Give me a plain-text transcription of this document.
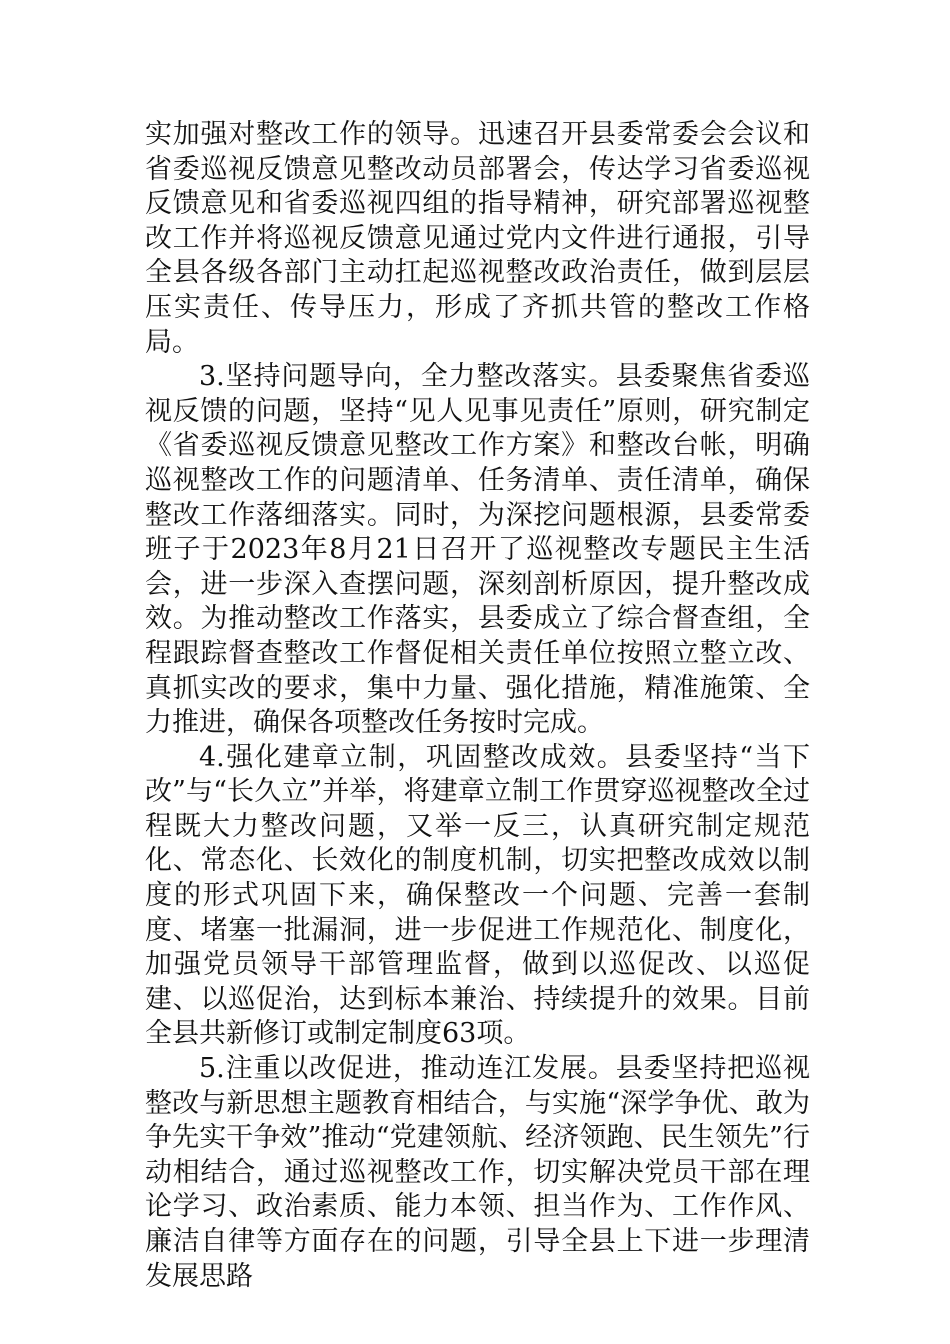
实加强对整改工作的领导。迅速召开县委常委会会议和省委巡视反馈意见整改动员部署会，传达学习省委巡视反馈意见和省委巡视四组的指导精神，研究部署巡视整改工作并将巡视反馈意见通过党内文件进行通报，引导全县各级各部门主动扛起巡视整改政治责任，做到层层压实责任、传导压力，形成了齐抓共管的整改工作格局。

3.坚持问题导向，全力整改落实。县委聚焦省委巡视反馈的问题，坚持“见人见事见责任”原则，研究制定《省委巡视反馈意见整改工作方案》和整改台帐，明确巡视整改工作的问题清单、任务清单、责任清单，确保整改工作落细落实。同时，为深挖问题根源，县委常委班子于2023年8月21日召开了巡视整改专题民主生活会，进一步深入查摆问题，深刻剖析原因，提升整改成效。为推动整改工作落实，县委成立了综合督查组，全程跟踪督查整改工作督促相关责任单位按照立整立改、真抓实改的要求，集中力量、强化措施，精准施策、全力推进，确保各项整改任务按时完成。

4.强化建章立制，巩固整改成效。县委坚持“当下改”与“长久立”并举，将建章立制工作贯穿巡视整改全过程既大力整改问题，又举一反三，认真研究制定规范化、常态化、长效化的制度机制，切实把整改成效以制度的形式巩固下来，确保整改一个问题、完善一套制度、堵塞一批漏洞，进一步促进工作规范化、制度化，加强党员领导干部管理监督，做到以巡促改、以巡促建、以巡促治，达到标本兼治、持续提升的效果。目前全县共新修订或制定制度63项。

5.注重以改促进，推动连江发展。县委坚持把巡视整改与新思想主题教育相结合，与实施“深学争优、敢为争先实干争效”推动“党建领航、经济领跑、民生领先”行动相结合，通过巡视整改工作，切实解决党员干部在理论学习、政治素质、能力本领、担当作为、工作作风、廉洁自律等方面存在的问题，引导全县上下进一步理清发展思路
